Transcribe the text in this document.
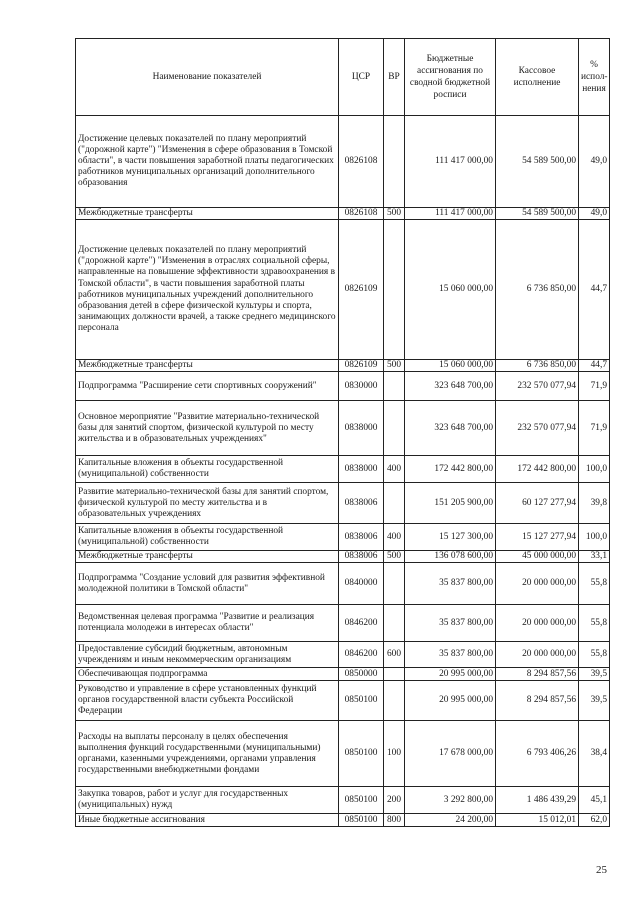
Наименование показателей	ЦСР	ВР	Бюджетные ассигнования по сводной бюджетной росписи	Кассовое исполнение	% испол- нения
Достижение целевых показателей по плану мероприятий ("дорожной карте") "Изменения в сфере образования в Томской области", в части повышения заработной платы педагогических работников муниципальных организаций дополнительного образования	0826108		111 417 000,00	54 589 500,00	49,0
Межбюджетные трансферты	0826108	500	111 417 000,00	54 589 500,00	49,0
Достижение целевых показателей по плану мероприятий ("дорожной карте") "Изменения в отраслях социальной сферы, направленные на повышение эффективности здравоохранения в Томской области", в части повышения заработной платы работников муниципальных учреждений дополнительного образования детей в сфере физической культуры и спорта, занимающих должности врачей, а также среднего медицинского персонала	0826109		15 060 000,00	6 736 850,00	44,7
Межбюджетные трансферты	0826109	500	15 060 000,00	6 736 850,00	44,7
Подпрограмма "Расширение сети спортивных сооружений"	0830000		323 648 700,00	232 570 077,94	71,9
Основное мероприятие "Развитие материально-технической базы для занятий спортом, физической культурой по месту жительства и в образовательных учреждениях"	0838000		323 648 700,00	232 570 077,94	71,9
Капитальные вложения в объекты государственной (муниципальной) собственности	0838000	400	172 442 800,00	172 442 800,00	100,0
Развитие материально-технической базы для занятий спортом, физической культурой по месту жительства и в образовательных учреждениях	0838006		151 205 900,00	60 127 277,94	39,8
Капитальные вложения в объекты государственной (муниципальной) собственности	0838006	400	15 127 300,00	15 127 277,94	100,0
Межбюджетные трансферты	0838006	500	136 078 600,00	45 000 000,00	33,1
Подпрограмма "Создание условий для развития эффективной молодежной политики в Томской области"	0840000		35 837 800,00	20 000 000,00	55,8
Ведомственная целевая программа "Развитие и реализация потенциала молодежи в интересах области"	0846200		35 837 800,00	20 000 000,00	55,8
Предоставление субсидий бюджетным, автономным учреждениям и иным некоммерческим организациям	0846200	600	35 837 800,00	20 000 000,00	55,8
Обеспечивающая подпрограмма	0850000		20 995 000,00	8 294 857,56	39,5
Руководство и управление в сфере установленных функций органов государственной власти субъекта Российской Федерации	0850100		20 995 000,00	8 294 857,56	39,5
Расходы на выплаты персоналу в целях обеспечения выполнения функций государственными (муниципальными) органами, казенными учреждениями, органами управления государственными внебюджетными фондами	0850100	100	17 678 000,00	6 793 406,26	38,4
Закупка товаров, работ и услуг для государственных (муниципальных) нужд	0850100	200	3 292 800,00	1 486 439,29	45,1
Иные бюджетные ассигнования	0850100	800	24 200,00	15 012,01	62,0
25
